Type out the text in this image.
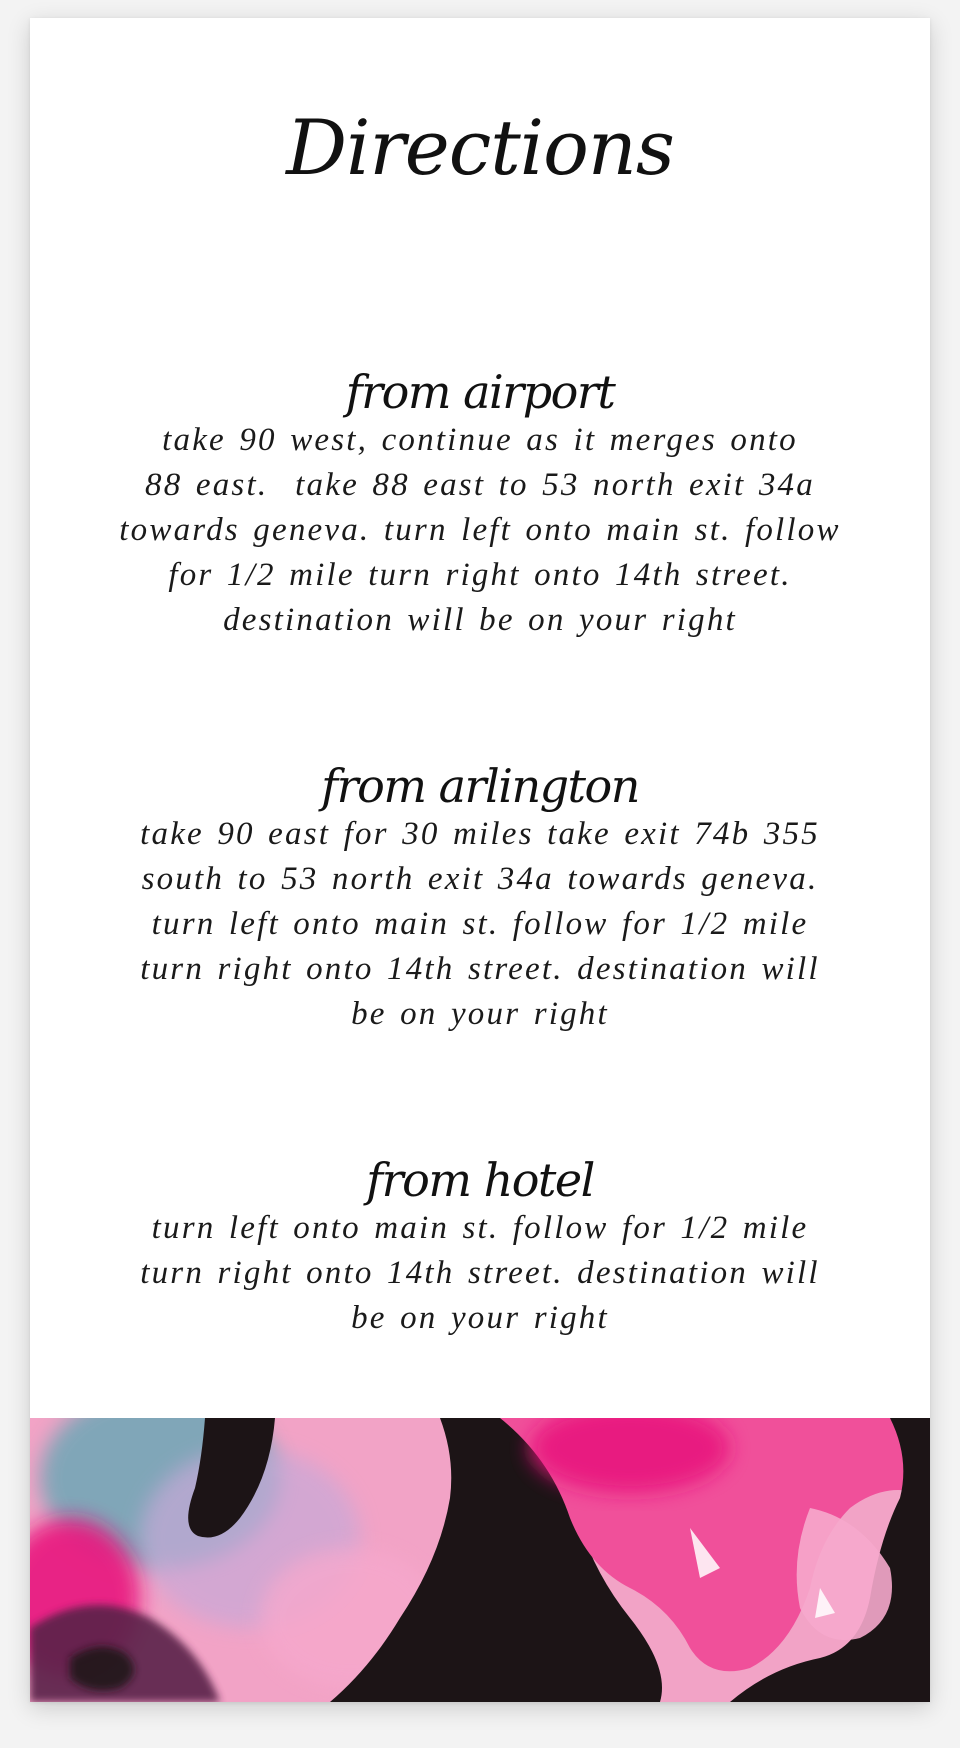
Directions
from airport
take 90 west, continue as it merges onto
88 east.  take 88 east to 53 north exit 34a
towards geneva. turn left onto main st. follow
for 1/2 mile turn right onto 14th street.
destination will be on your right
from arlington
take 90 east for 30 miles take exit 74b 355
south to 53 north exit 34a towards geneva.
turn left onto main st. follow for 1/2 mile
turn right onto 14th street. destination will
be on your right
from hotel
turn left onto main st. follow for 1/2 mile
turn right onto 14th street. destination will
be on your right
